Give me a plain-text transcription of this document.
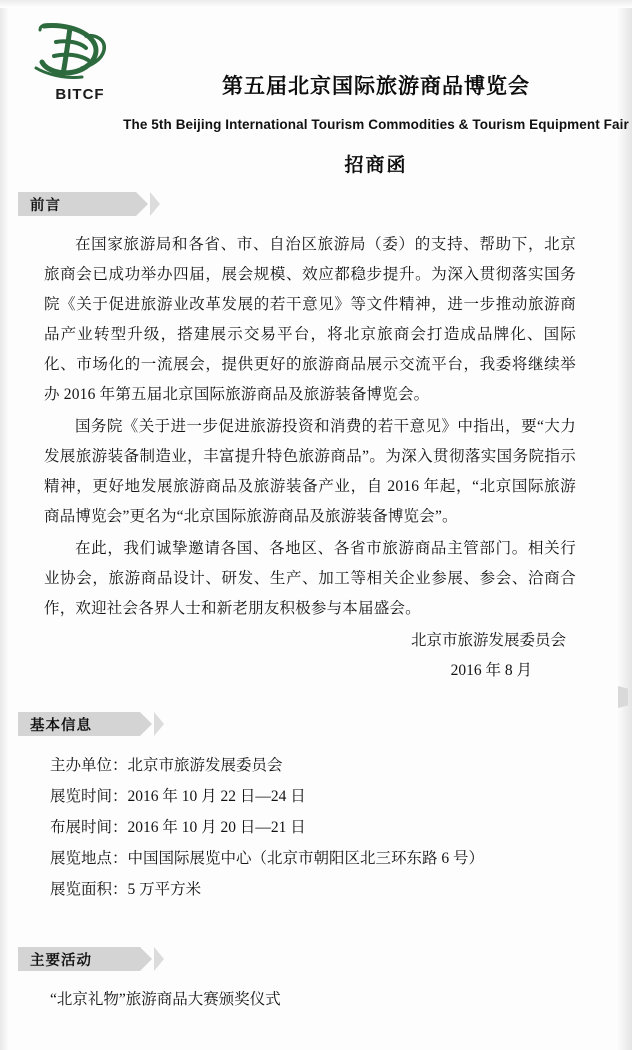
BITCF	第五届北京国际旅游商品博览会
The 5th Beijing International Tourism Commodities & Tourism Equipment Fair
招商函
前言

在国家旅游局和各省、市、自治区旅游局（委）的支持、帮助下，北京旅商会已成功举办四届，展会规模、效应都稳步提升。为深入贯彻落实国务院《关于促进旅游业改革发展的若干意见》等文件精神，进一步推动旅游商品产业转型升级，搭建展示交易平台，将北京旅商会打造成品牌化、国际化、市场化的一流展会，提供更好的旅游商品展示交流平台，我委将继续举办 2016 年第五届北京国际旅游商品及旅游装备博览会。

国务院《关于进一步促进旅游投资和消费的若干意见》中指出，要“大力发展旅游装备制造业，丰富提升特色旅游商品”。为深入贯彻落实国务院指示精神，更好地发展旅游商品及旅游装备产业，自 2016 年起，“北京国际旅游商品博览会”更名为“北京国际旅游商品及旅游装备博览会”。

在此，我们诚挚邀请各国、各地区、各省市旅游商品主管部门。相关行业协会，旅游商品设计、研发、生产、加工等相关企业参展、参会、洽商合作，欢迎社会各界人士和新老朋友积极参与本届盛会。

北京市旅游发展委员会
2016 年 8 月
基本信息
主办单位：北京市旅游发展委员会
展览时间：2016 年 10 月 22 日—24 日
布展时间：2016 年 10 月 20 日—21 日
展览地点：中国国际展览中心（北京市朝阳区北三环东路 6 号）
展览面积：5 万平方米
主要活动
“北京礼物”旅游商品大赛颁奖仪式
